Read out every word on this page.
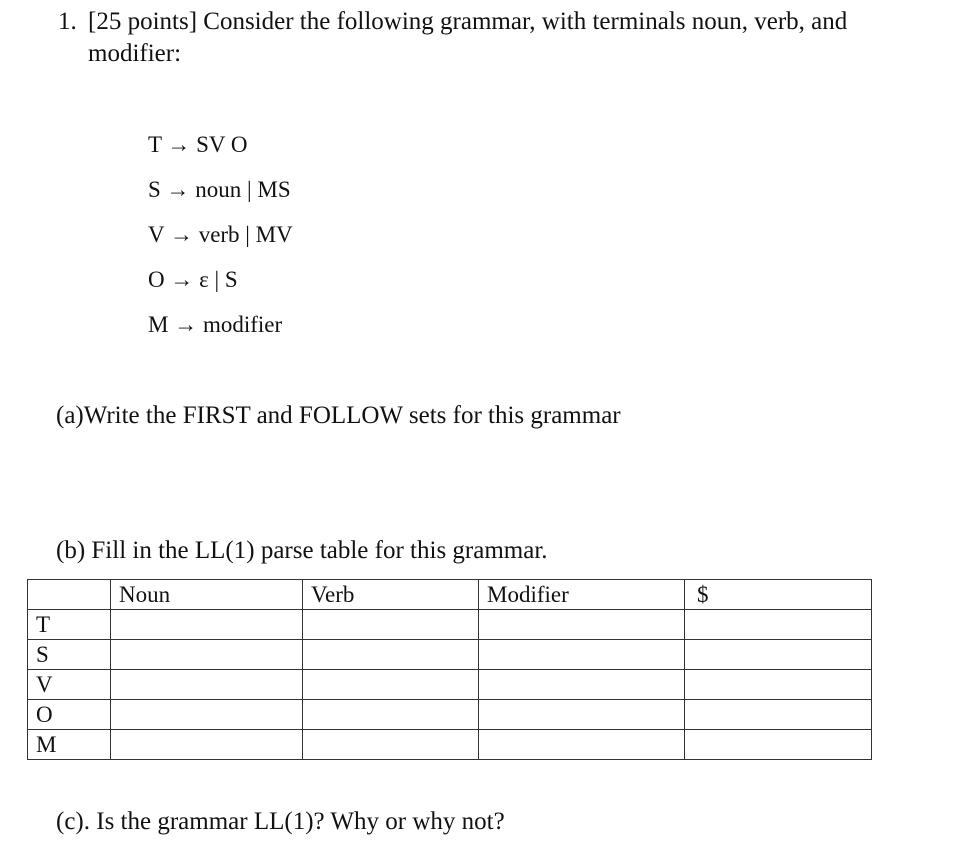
1. [25 points] Consider the following grammar, with terminals noun, verb, and
modifier:
T → SV O
S → noun | MS
V → verb | MV
O → ε | S
M → modifier
(a)Write the FIRST and FOLLOW sets for this grammar
(b) Fill in the LL(1) parse table for this grammar.
	Noun	Verb	Modifier	$
T				
S				
V				
O				
M				
(c). Is the grammar LL(1)? Why or why not?
